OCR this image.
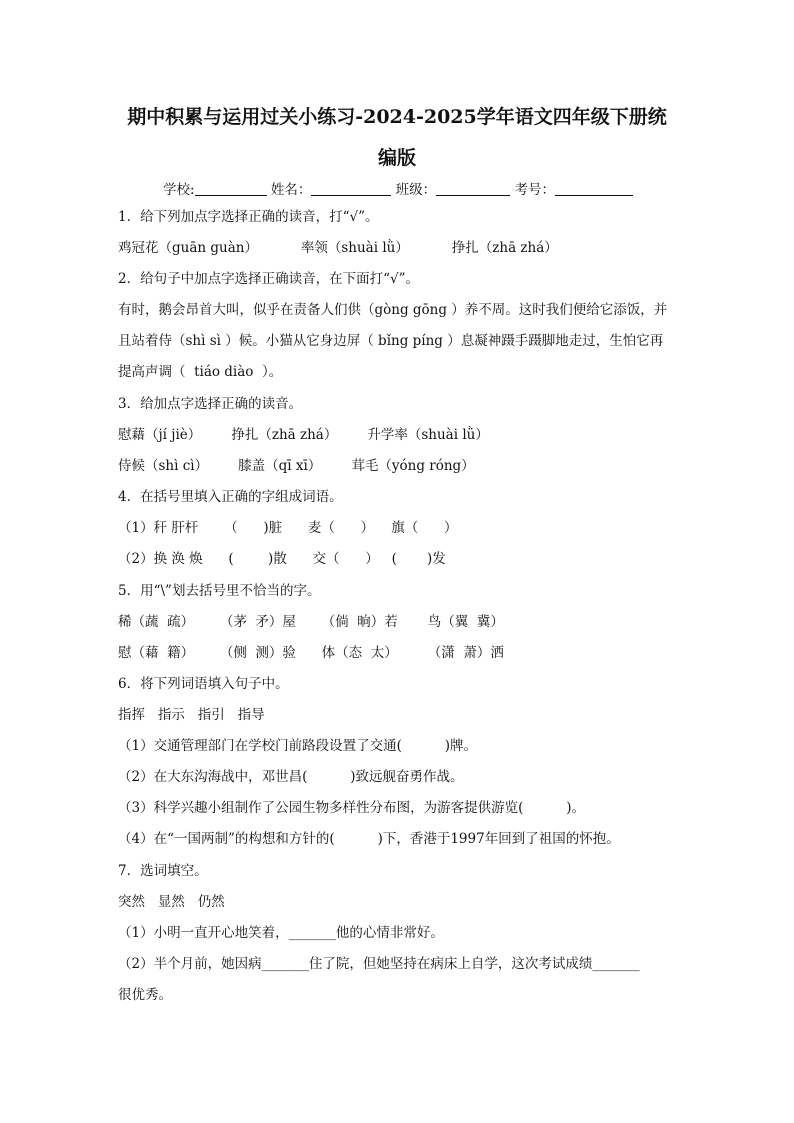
期中积累与运用过关小练习-2024-2025学年语文四年级下册统
编版
学校:	姓名：	班级：	考号：
1．给下列加点字选择正确的读音，打“√”。
鸡冠花（guān guàn）          率领（shuài lǜ）          挣扎（zhā zhá）
2．给句子中加点字选择正确读音，在下面打“√”。
有时，鹅会昂首大叫，似乎在责备人们供（gòng gōng ）养不周。这时我们便给它添饭，并
且站着侍（shì sì ）候。小猫从它身边屏（ bǐng píng ）息凝神蹑手蹑脚地走过，生怕它再
提高声调（  tiáo diào  ）。
3．给加点字选择正确的读音。
慰藉（jí jiè）       挣扎（zhā zhá）       升学率（shuài lǜ）
侍候（shì cì）       膝盖（qī xī）       茸毛（yóng róng）
4．在括号里填入正确的字组成词语。
（1）秆 肝杆      （      )脏      麦（      ）    旗（      ）
（2）换 涣 焕      (        )散      交（      ）   (       )发
5．用“\”划去括号里不恰当的字。
稀（蔬  疏）      （茅  矛）屋      （倘  晌）若       鸟（翼  冀）
慰（藉  籍）      （侧  测）验      体（态  太）       （潇  萧）洒
6．将下列词语填入句子中。
指挥   指示   指引   指导
（1）交通管理部门在学校门前路段设置了交通(          )牌。
（2）在大东沟海战中，邓世昌(          )致远舰奋勇作战。
（3）科学兴趣小组制作了公园生物多样性分布图，为游客提供游览(          )。
（4）在“一国两制”的构想和方针的(          )下，香港于1997年回到了祖国的怀抱。
7．选词填空。
突然   显然   仍然
（1）小明一直开心地笑着，_______他的心情非常好。
（2）半个月前，她因病_______住了院，但她坚持在病床上自学，这次考试成绩_______
很优秀。
